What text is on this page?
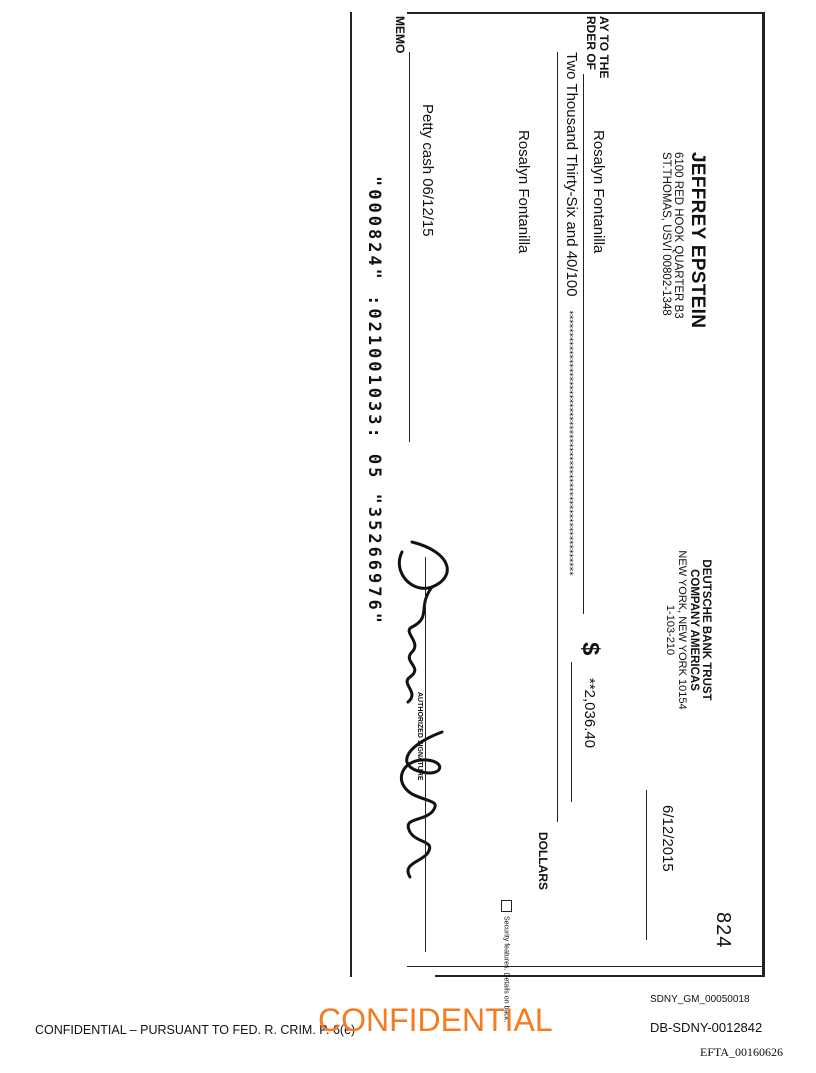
JEFFREY EPSTEIN
6100 RED HOOK QUARTER B3
ST.THOMAS, USVI 00802-1348
DEUTSCHE BANK TRUST
COMPANY AMERICAS
NEW YORK, NEW YORK 10154
1-103-210
824
6/12/2015
AY TO THE
RDER OF
Rosalyn Fontanilla
$
**2,036.40
Two Thousand Thirty-Six and 40/100
************************************************************
DOLLARS
Rosalyn Fontanilla
Security features. Details on back.
MEMO
Petty cash 06/12/15
AUTHORIZED SIGNATURE
"000824" :021001033: 05 "35266976"
SDNY_GM_00050018
CONFIDENTIAL – PURSUANT TO FED. R. CRIM. P. 6(e)
CONFIDENTIAL	DB-SDNY-0012842
EFTA_00160626
